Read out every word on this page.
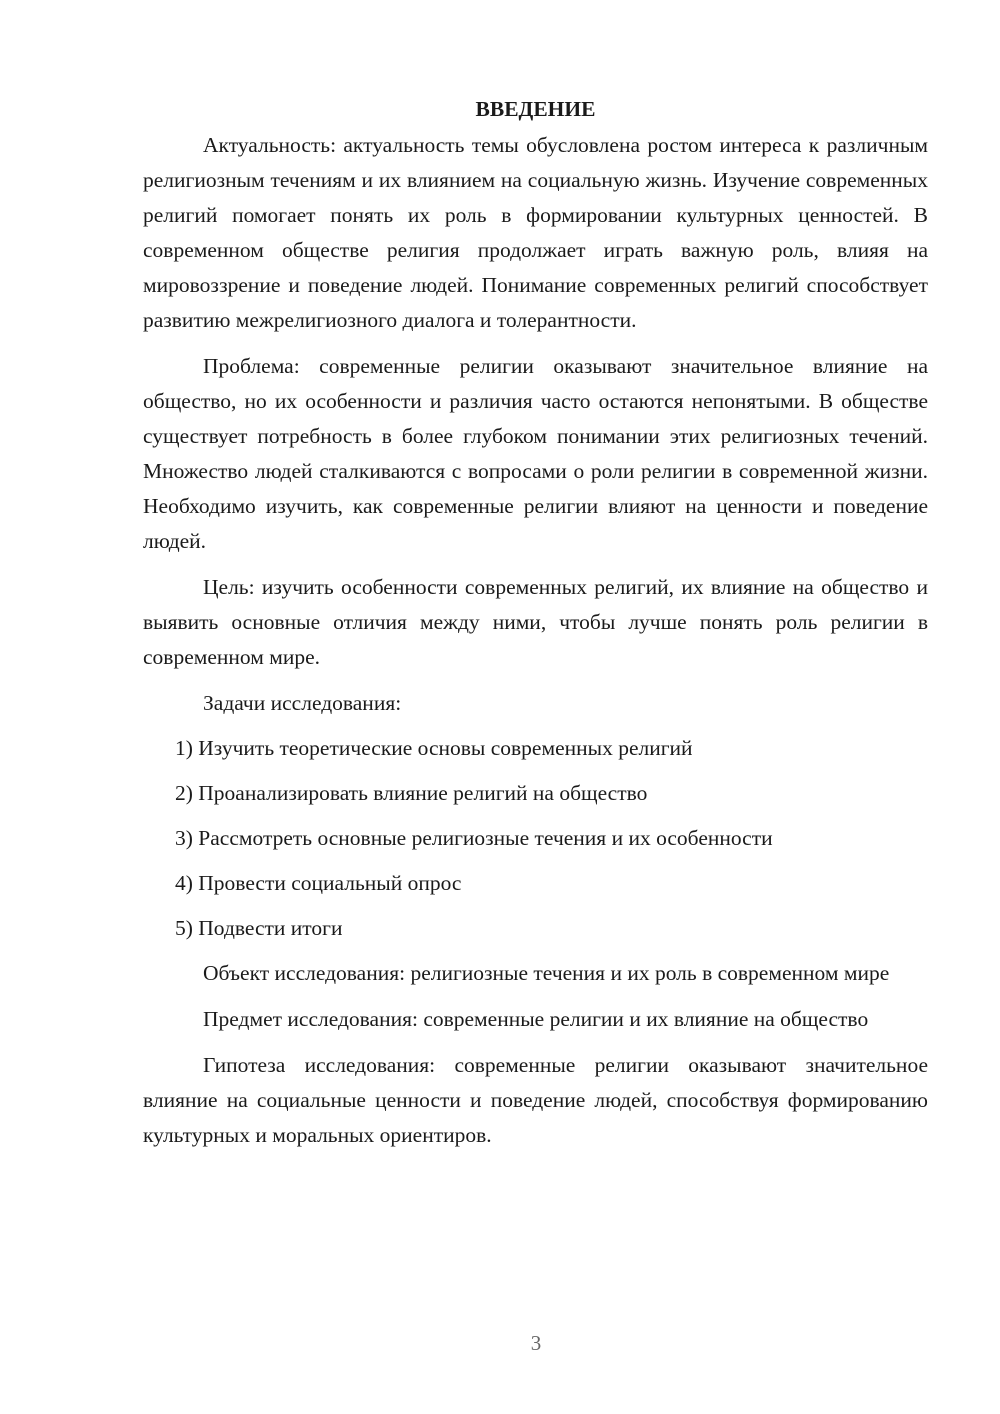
ВВЕДЕНИЕ

Актуальность: актуальность темы обусловлена ростом интереса к различным религиозным течениям и их влиянием на социальную жизнь. Изучение современных религий помогает понять их роль в формировании культурных ценностей. В современном обществе религия продолжает играть важную роль, влияя на мировоззрение и поведение людей. Понимание современных религий способствует развитию межрелигиозного диалога и толерантности.

Проблема: современные религии оказывают значительное влияние на общество, но их особенности и различия часто остаются непонятыми. В обществе существует потребность в более глубоком понимании этих религиозных течений. Множество людей сталкиваются с вопросами о роли религии в современной жизни. Необходимо изучить, как современные религии влияют на ценности и поведение людей.

Цель: изучить особенности современных религий, их влияние на общество и выявить основные отличия между ними, чтобы лучше понять роль религии в современном мире.

Задачи исследования:
1) Изучить теоретические основы современных религий
2) Проанализировать влияние религий на общество
3) Рассмотреть основные религиозные течения и их особенности
4) Провести социальный опрос
5) Подвести итоги

Объект исследования: религиозные течения и их роль в современном мире

Предмет исследования: современные религии и их влияние на общество

Гипотеза исследования: современные религии оказывают значительное влияние на социальные ценности и поведение людей, способствуя формированию культурных и моральных ориентиров.

3
